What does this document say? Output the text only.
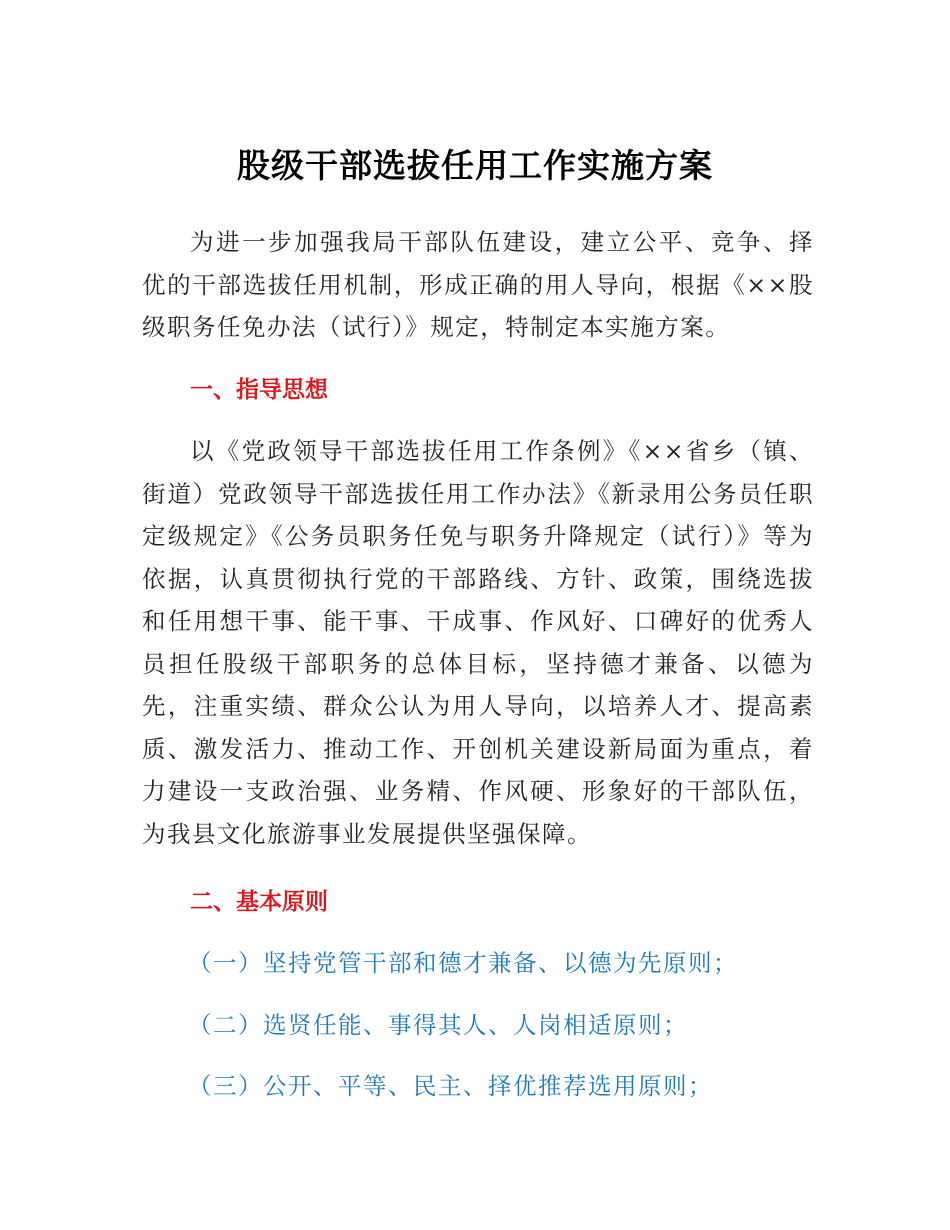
股级干部选拔任用工作实施方案

为进一步加强我局干部队伍建设，建立公平、竞争、择优的干部选拔任用机制，形成正确的用人导向，根据《××股级职务任免办法（试行）》规定，特制定本实施方案。

一、指导思想

以《党政领导干部选拔任用工作条例》《××省乡（镇、街道）党政领导干部选拔任用工作办法》《新录用公务员任职定级规定》《公务员职务任免与职务升降规定（试行）》等为依据，认真贯彻执行党的干部路线、方针、政策，围绕选拔和任用想干事、能干事、干成事、作风好、口碑好的优秀人员担任股级干部职务的总体目标，坚持德才兼备、以德为先，注重实绩、群众公认为用人导向，以培养人才、提高素质、激发活力、推动工作、开创机关建设新局面为重点，着力建设一支政治强、业务精、作风硬、形象好的干部队伍，为我县文化旅游事业发展提供坚强保障。

二、基本原则

（一）坚持党管干部和德才兼备、以德为先原则；

（二）选贤任能、事得其人、人岗相适原则；

（三）公开、平等、民主、择优推荐选用原则；
